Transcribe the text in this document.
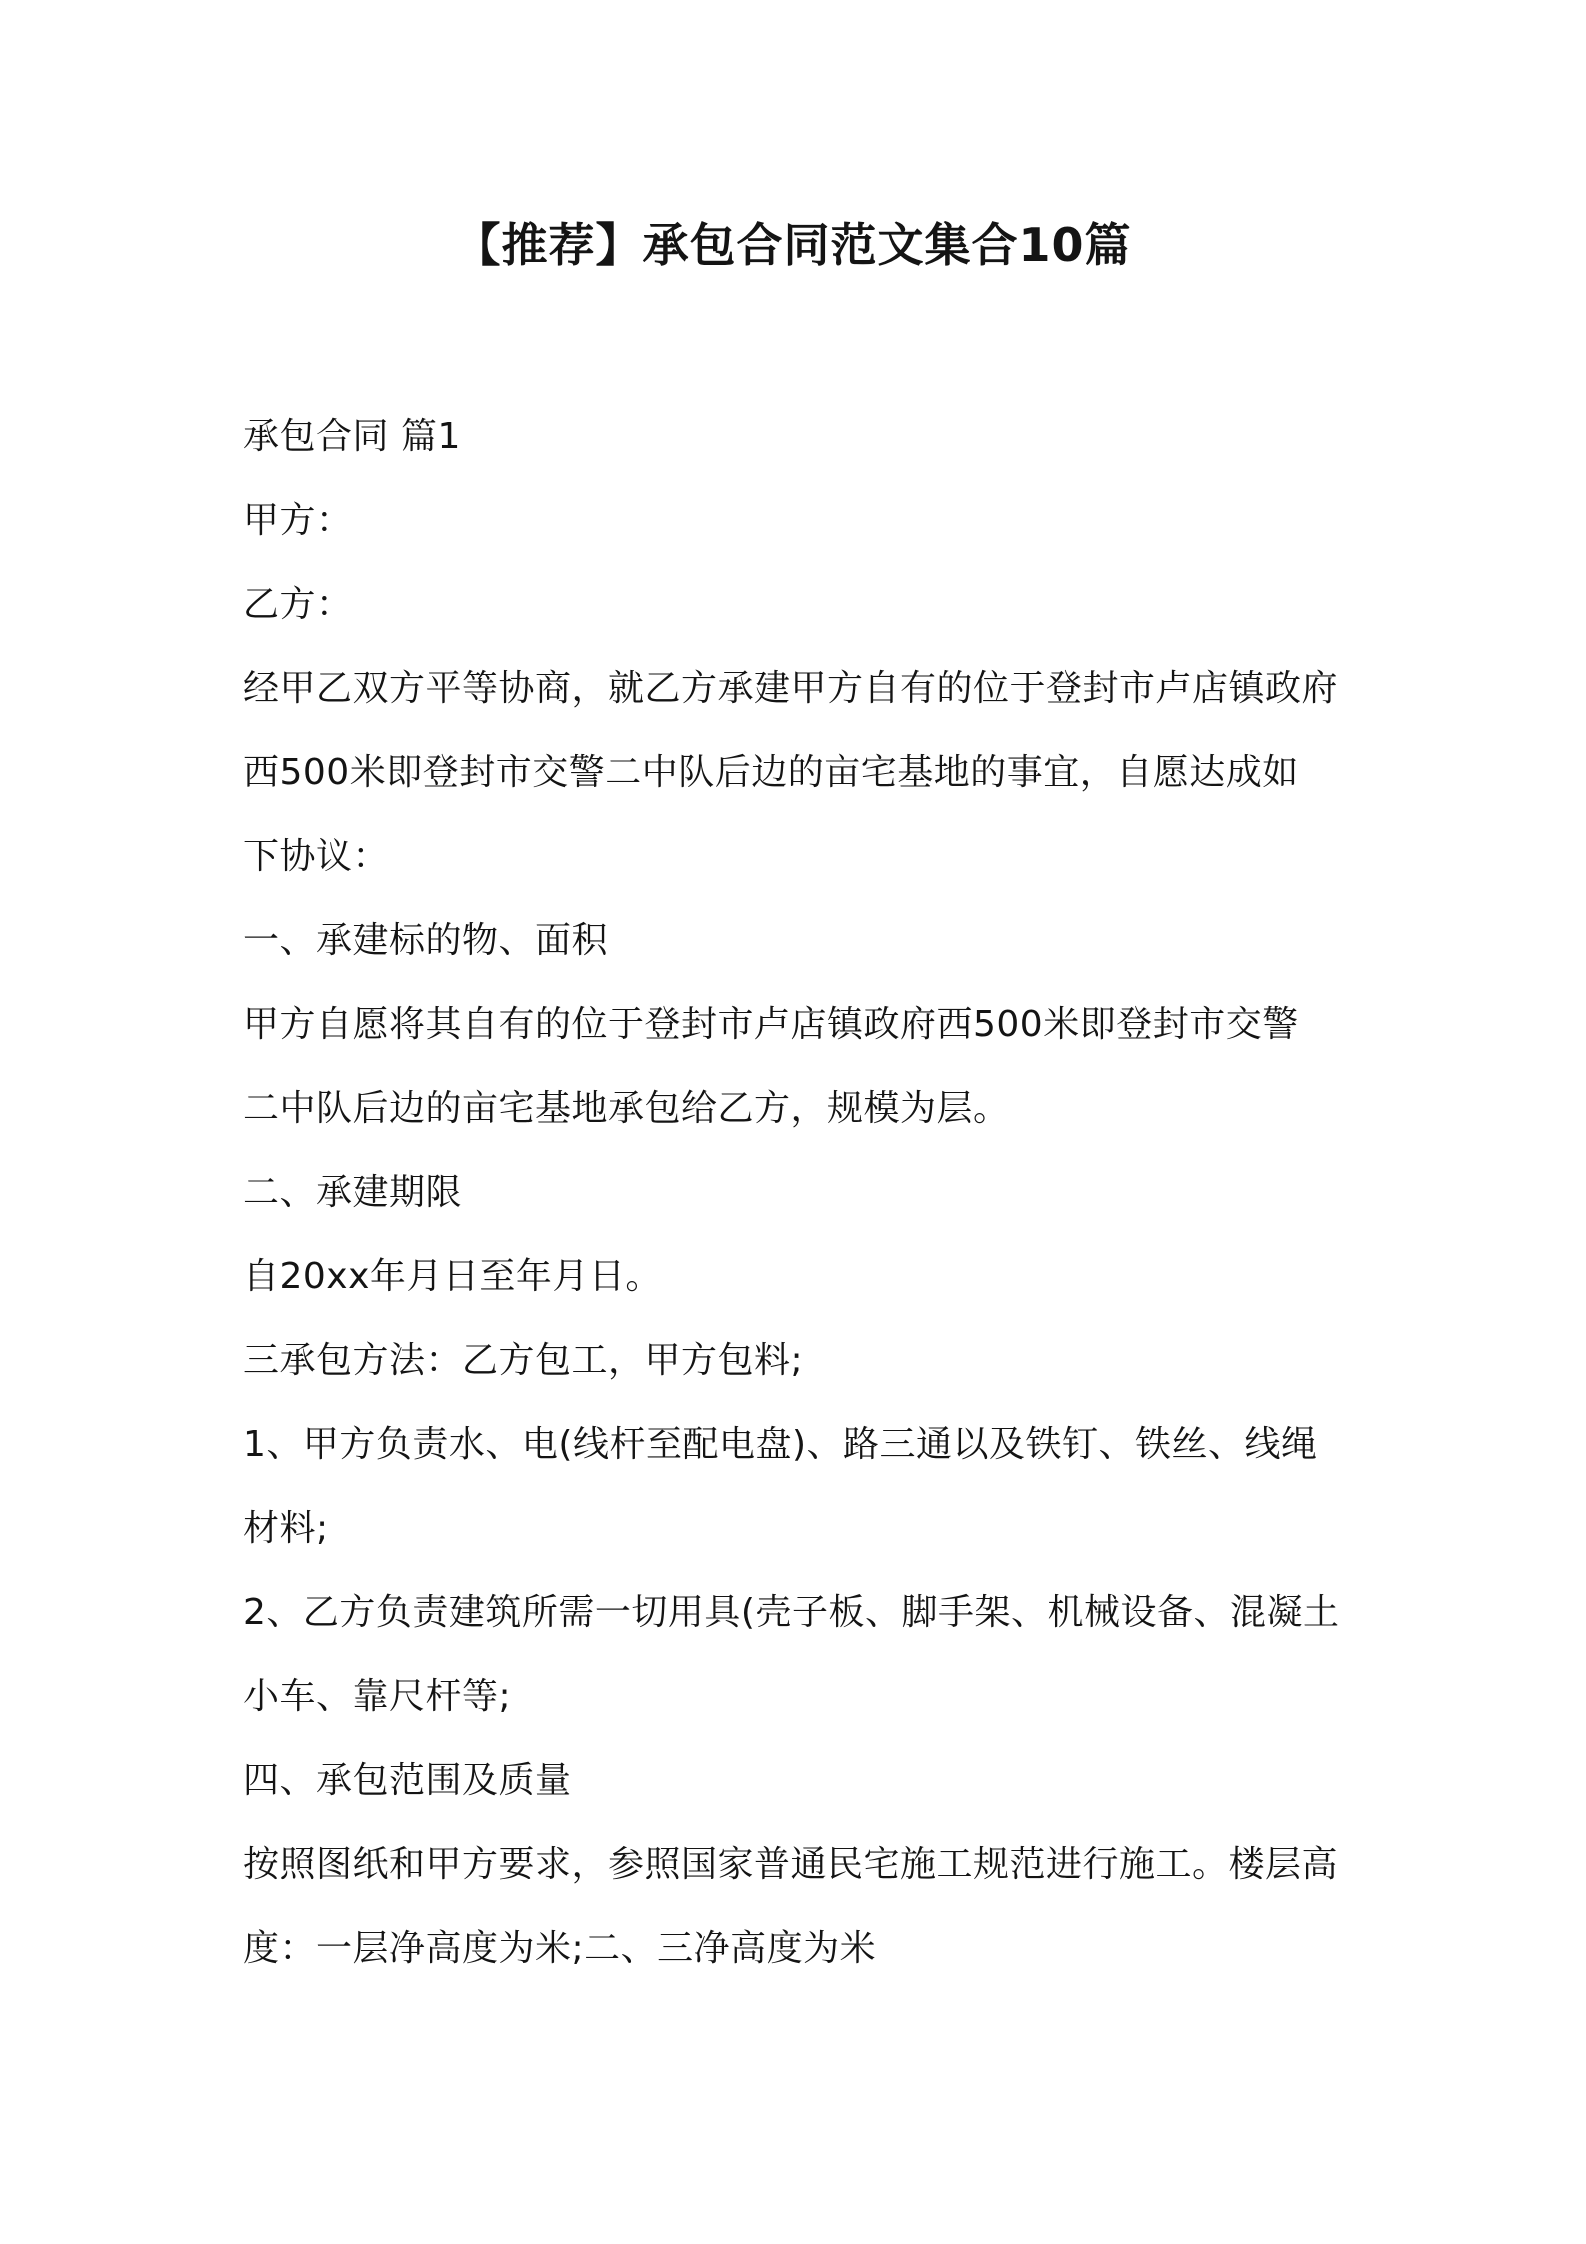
【推荐】承包合同范文集合10篇
承包合同 篇1
甲方：
乙方：
经甲乙双方平等协商，就乙方承建甲方自有的位于登封市卢店镇政府
西500米即登封市交警二中队后边的亩宅基地的事宜，自愿达成如
下协议：
一、承建标的物、面积
甲方自愿将其自有的位于登封市卢店镇政府西500米即登封市交警
二中队后边的亩宅基地承包给乙方，规模为层。
二、承建期限
自20xx年月日至年月日。
三承包方法：乙方包工，甲方包料;
1、甲方负责水、电(线杆至配电盘)、路三通以及铁钉、铁丝、线绳
材料;
2、乙方负责建筑所需一切用具(壳子板、脚手架、机械设备、混凝土
小车、靠尺杆等;
四、承包范围及质量
按照图纸和甲方要求，参照国家普通民宅施工规范进行施工。楼层高
度：一层净高度为米;二、三净高度为米
